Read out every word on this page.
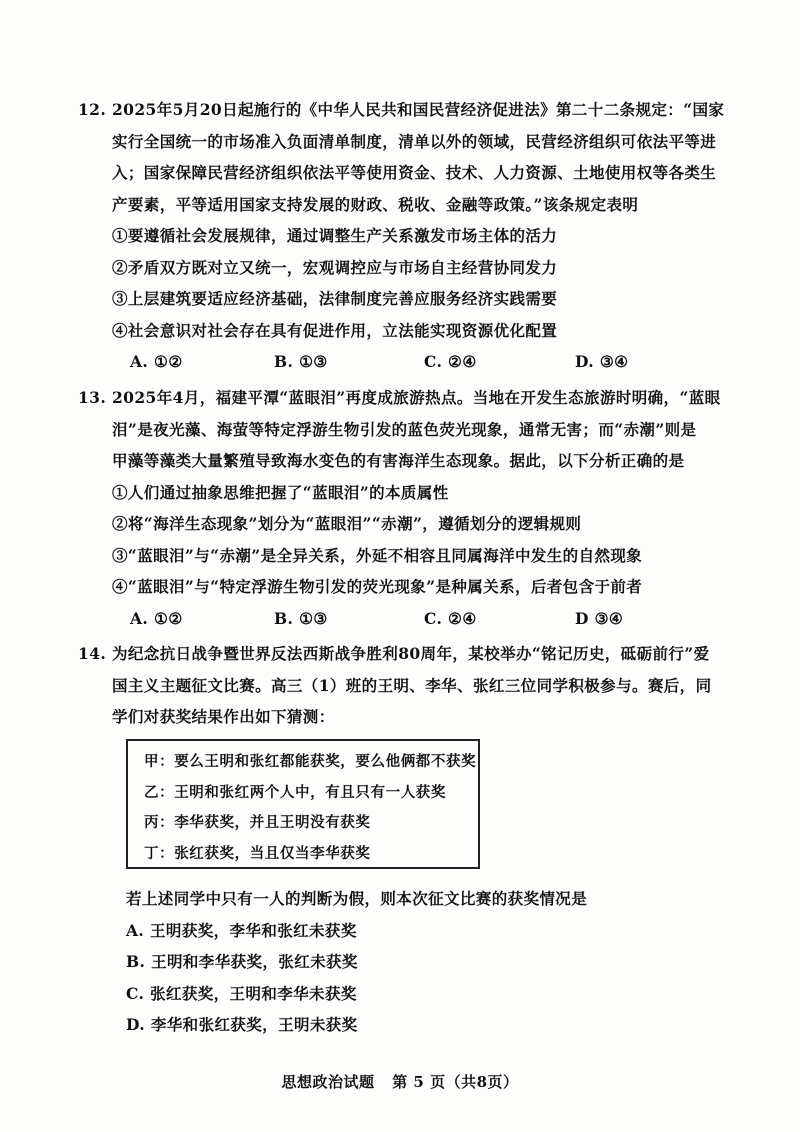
12. 2025年5月20日起施行的《中华人民共和国民营经济促进法》第二十二条规定：“国家
实行全国统一的市场准入负面清单制度，清单以外的领域，民营经济组织可依法平等进
入；国家保障民营经济组织依法平等使用资金、技术、人力资源、土地使用权等各类生
产要素，平等适用国家支持发展的财政、税收、金融等政策。”该条规定表明
①要遵循社会发展规律，通过调整生产关系激发市场主体的活力
②矛盾双方既对立又统一，宏观调控应与市场自主经营协同发力
③上层建筑要适应经济基础，法律制度完善应服务经济实践需要
④社会意识对社会存在具有促进作用，立法能实现资源优化配置
A. ①②	B. ①③	C. ②④	D. ③④
13. 2025年4月，福建平潭“蓝眼泪”再度成旅游热点。当地在开发生态旅游时明确，“蓝眼
泪”是夜光藻、海萤等特定浮游生物引发的蓝色荧光现象，通常无害；而“赤潮”则是
甲藻等藻类大量繁殖导致海水变色的有害海洋生态现象。据此，以下分析正确的是
①人们通过抽象思维把握了“蓝眼泪”的本质属性
②将“海洋生态现象”划分为“蓝眼泪”“赤潮”，遵循划分的逻辑规则
③“蓝眼泪”与“赤潮”是全异关系，外延不相容且同属海洋中发生的自然现象
④“蓝眼泪”与“特定浮游生物引发的荧光现象”是种属关系，后者包含于前者
A. ①②	B. ①③	C. ②④	D ③④
14. 为纪念抗日战争暨世界反法西斯战争胜利80周年，某校举办“铭记历史，砥砺前行”爱
国主义主题征文比赛。高三（1）班的王明、李华、张红三位同学积极参与。赛后，同
学们对获奖结果作出如下猜测：
甲：要么王明和张红都能获奖，要么他俩都不获奖
乙：王明和张红两个人中，有且只有一人获奖
丙：李华获奖，并且王明没有获奖
丁：张红获奖，当且仅当李华获奖
若上述同学中只有一人的判断为假，则本次征文比赛的获奖情况是
A. 王明获奖，李华和张红未获奖
B. 王明和李华获奖，张红未获奖
C. 张红获奖，王明和李华未获奖
D. 李华和张红获奖，王明未获奖
思想政治试题 第 5 页（共8页）
